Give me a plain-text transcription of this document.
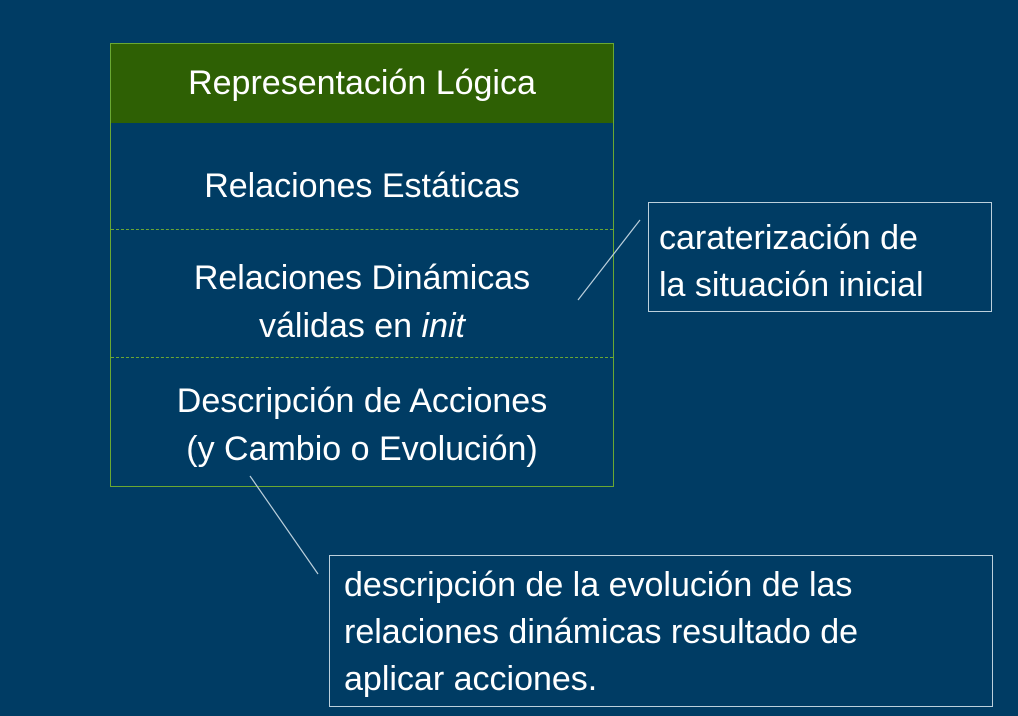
Representación Lógica
Relaciones Estáticas
Relaciones Dinámicas
válidas en init
Descripción de Acciones
(y Cambio o Evolución)
caraterización de
la situación inicial
descripción de la evolución de las
relaciones dinámicas resultado de
aplicar acciones.
